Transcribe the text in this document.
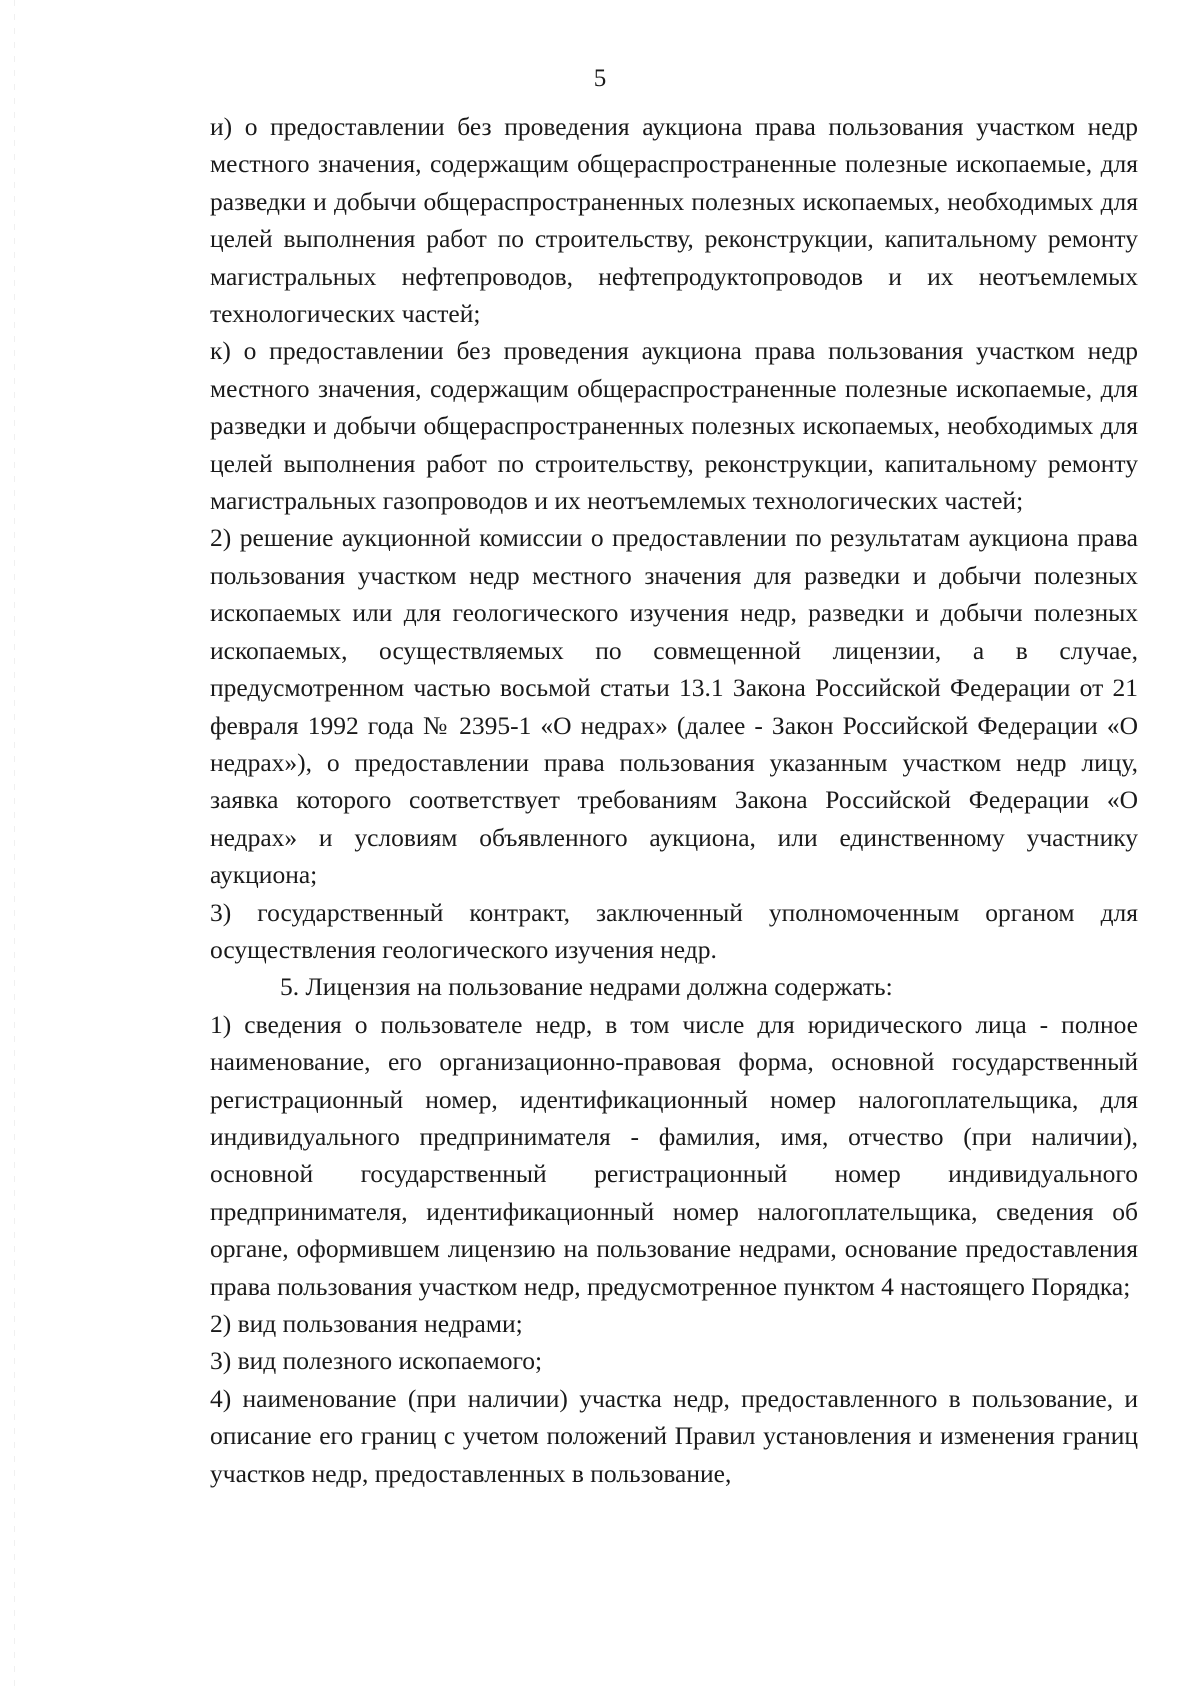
5

и) о предоставлении без проведения аукциона права пользования участком недр местного значения, содержащим общераспространенные полезные ископаемые, для разведки и добычи общераспространенных полезных ископаемых, необходимых для целей выполнения работ по строительству, реконструкции, капитальному ремонту магистральных нефтепроводов, нефтепродуктопроводов и их неотъемлемых технологических частей;

к) о предоставлении без проведения аукциона права пользования участком недр местного значения, содержащим общераспространенные полезные ископаемые, для разведки и добычи общераспространенных полезных ископаемых, необходимых для целей выполнения работ по строительству, реконструкции, капитальному ремонту магистральных газопроводов и их неотъемлемых технологических частей;

2) решение аукционной комиссии о предоставлении по результатам аукциона права пользования участком недр местного значения для разведки и добычи полезных ископаемых или для геологического изучения недр, разведки и добычи полезных ископаемых, осуществляемых по совмещенной лицензии, а в случае, предусмотренном частью восьмой статьи 13.1 Закона Российской Федерации от 21 февраля 1992 года № 2395-1 «О недрах» (далее - Закон Российской Федерации «О недрах»), о предоставлении права пользования указанным участком недр лицу, заявка которого соответствует требованиям Закона Российской Федерации «О недрах» и условиям объявленного аукциона, или единственному участнику аукциона;

3) государственный контракт, заключенный уполномоченным органом для осуществления геологического изучения недр.

5. Лицензия на пользование недрами должна содержать:

1) сведения о пользователе недр, в том числе для юридического лица - полное наименование, его организационно-правовая форма, основной государственный регистрационный номер, идентификационный номер налогоплательщика, для индивидуального предпринимателя - фамилия, имя, отчество (при наличии), основной государственный регистрационный номер индивидуального предпринимателя, идентификационный номер налогоплательщика, сведения об органе, оформившем лицензию на пользование недрами, основание предоставления права пользования участком недр, предусмотренное пунктом 4 настоящего Порядка;

2) вид пользования недрами;

3) вид полезного ископаемого;

4) наименование (при наличии) участка недр, предоставленного в пользование, и описание его границ с учетом положений Правил установления и изменения границ участков недр, предоставленных в пользование,
